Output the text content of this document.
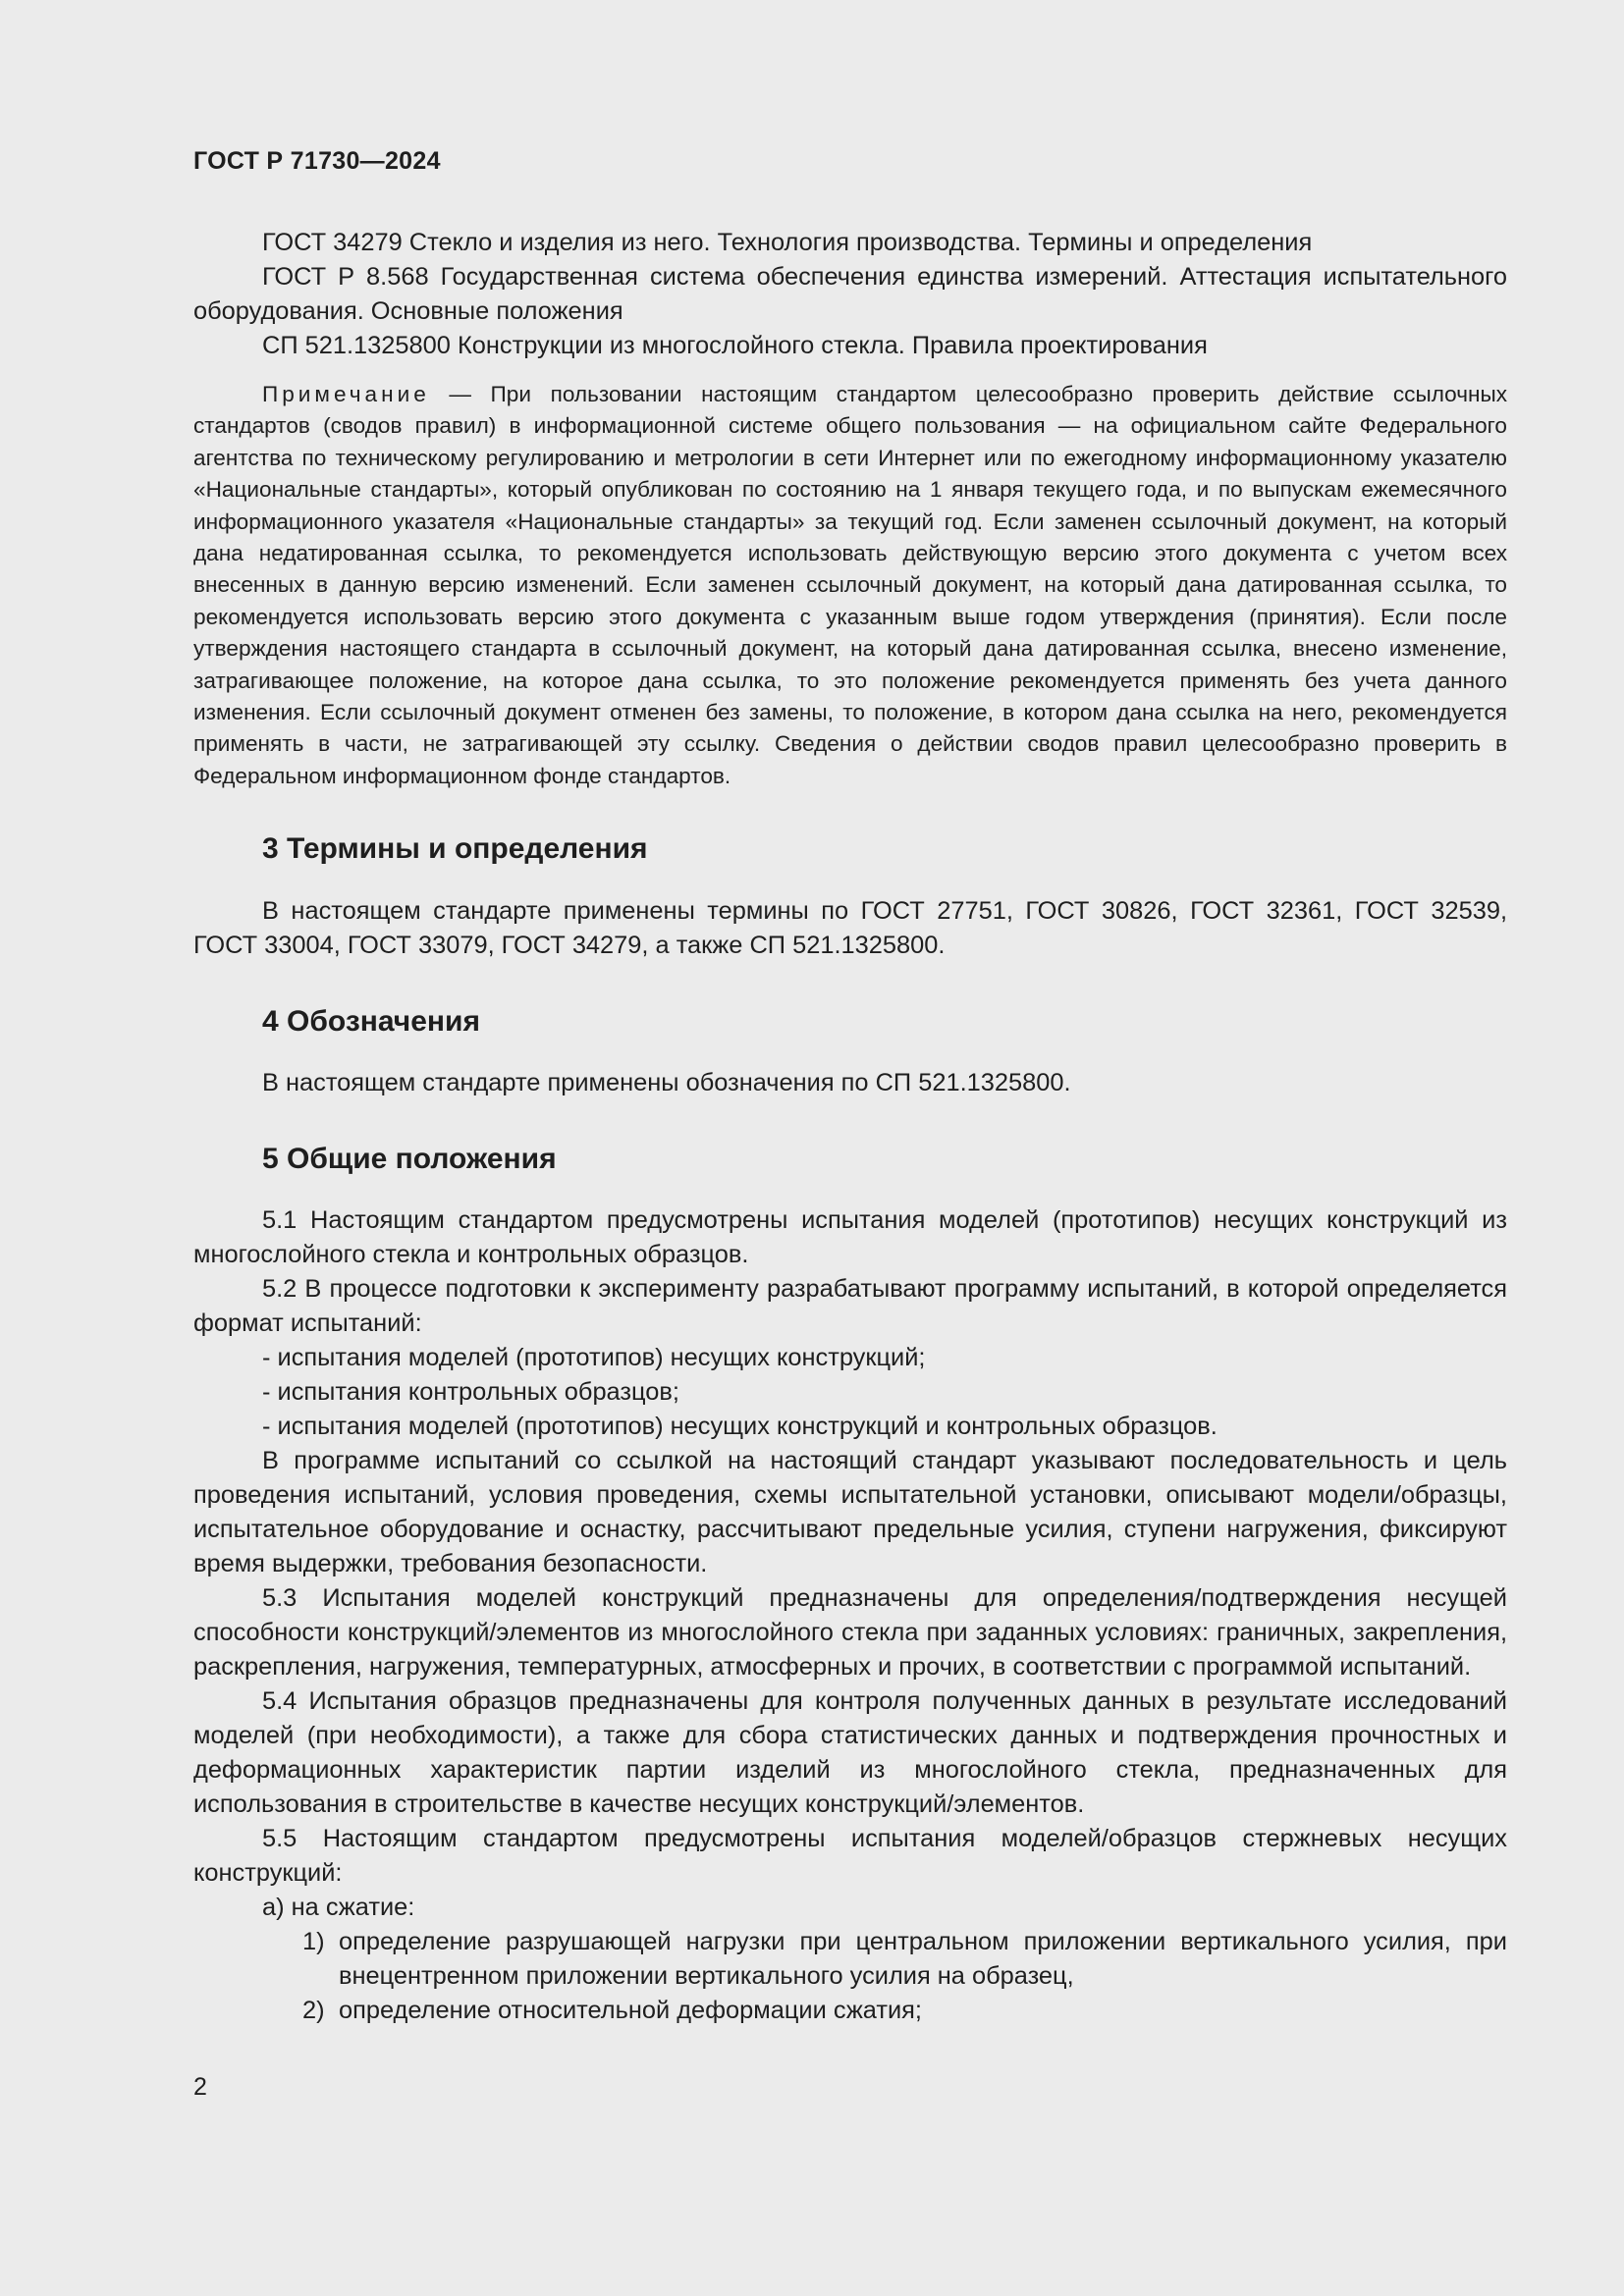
ГОСТ Р 71730—2024

ГОСТ 34279 Стекло и изделия из него. Технология производства. Термины и определения

ГОСТ Р 8.568 Государственная система обеспечения единства измерений. Аттестация испытательного оборудования. Основные положения

СП 521.1325800 Конструкции из многослойного стекла. Правила проектирования

Примечание — При пользовании настоящим стандартом целесообразно проверить действие ссылочных стандартов (сводов правил) в информационной системе общего пользования — на официальном сайте Федерального агентства по техническому регулированию и метрологии в сети Интернет или по ежегодному информационному указателю «Национальные стандарты», который опубликован по состоянию на 1 января текущего года, и по выпускам ежемесячного информационного указателя «Национальные стандарты» за текущий год. Если заменен ссылочный документ, на который дана недатированная ссылка, то рекомендуется использовать действующую версию этого документа с учетом всех внесенных в данную версию изменений. Если заменен ссылочный документ, на который дана датированная ссылка, то рекомендуется использовать версию этого документа с указанным выше годом утверждения (принятия). Если после утверждения настоящего стандарта в ссылочный документ, на который дана датированная ссылка, внесено изменение, затрагивающее положение, на которое дана ссылка, то это положение рекомендуется применять без учета данного изменения. Если ссылочный документ отменен без замены, то положение, в котором дана ссылка на него, рекомендуется применять в части, не затрагивающей эту ссылку. Сведения о действии сводов правил целесообразно проверить в Федеральном информационном фонде стандартов.

3 Термины и определения

В настоящем стандарте применены термины по ГОСТ 27751, ГОСТ 30826, ГОСТ 32361, ГОСТ 32539, ГОСТ 33004, ГОСТ 33079, ГОСТ 34279, а также СП 521.1325800.

4 Обозначения

В настоящем стандарте применены обозначения по СП 521.1325800.

5 Общие положения

5.1 Настоящим стандартом предусмотрены испытания моделей (прототипов) несущих конструкций из многослойного стекла и контрольных образцов.

5.2 В процессе подготовки к эксперименту разрабатывают программу испытаний, в которой определяется формат испытаний:

- испытания моделей (прототипов) несущих конструкций;

- испытания контрольных образцов;

- испытания моделей (прототипов) несущих конструкций и контрольных образцов.

В программе испытаний со ссылкой на настоящий стандарт указывают последовательность и цель проведения испытаний, условия проведения, схемы испытательной установки, описывают модели/образцы, испытательное оборудование и оснастку, рассчитывают предельные усилия, ступени нагружения, фиксируют время выдержки, требования безопасности.

5.3 Испытания моделей конструкций предназначены для определения/подтверждения несущей способности конструкций/элементов из многослойного стекла при заданных условиях: граничных, закрепления, раскрепления, нагружения, температурных, атмосферных и прочих, в соответствии с программой испытаний.

5.4 Испытания образцов предназначены для контроля полученных данных в результате исследований моделей (при необходимости), а также для сбора статистических данных и подтверждения прочностных и деформационных характеристик партии изделий из многослойного стекла, предназначенных для использования в строительстве в качестве несущих конструкций/элементов.

5.5 Настоящим стандартом предусмотрены испытания моделей/образцов стержневых несущих конструкций:

а) на сжатие:

1) определение разрушающей нагрузки при центральном приложении вертикального усилия, при внецентренном приложении вертикального усилия на образец,

2) определение относительной деформации сжатия;

2
